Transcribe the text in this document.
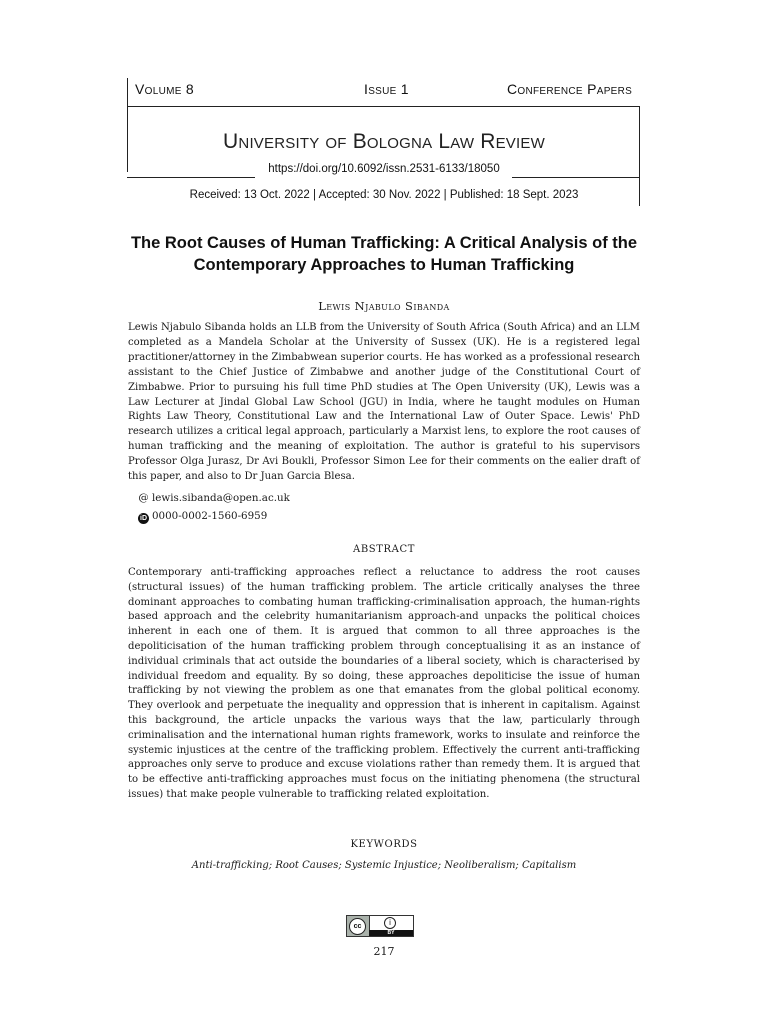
Volume 8	Issue 1	Conference Papers
University of Bologna Law Review
https://doi.org/10.6092/issn.2531-6133/18050
Received: 13 Oct. 2022 | Accepted: 30 Nov. 2022 | Published: 18 Sept. 2023
The Root Causes of Human Trafficking: A Critical Analysis of the Contemporary Approaches to Human Trafficking
Lewis Njabulo Sibanda
Lewis Njabulo Sibanda holds an LLB from the University of South Africa (South Africa) and an LLM completed as a Mandela Scholar at the University of Sussex (UK). He is a registered legal practitioner/attorney in the Zimbabwean superior courts. He has worked as a professional research assistant to the Chief Justice of Zimbabwe and another judge of the Constitutional Court of Zimbabwe. Prior to pursuing his full time PhD studies at The Open University (UK), Lewis was a Law Lecturer at Jindal Global Law School (JGU) in India, where he taught modules on Human Rights Law Theory, Constitutional Law and the International Law of Outer Space. Lewis' PhD research utilizes a critical legal approach, particularly a Marxist lens, to explore the root causes of human trafficking and the meaning of exploitation. The author is grateful to his supervisors Professor Olga Jurasz, Dr Avi Boukli, Professor Simon Lee for their comments on the ealier draft of this paper, and also to Dr Juan Garcia Blesa.
@ lewis.sibanda@open.ac.uk
iD 0000-0002-1560-6959
ABSTRACT
Contemporary anti-trafficking approaches reflect a reluctance to address the root causes (structural issues) of the human trafficking problem. The article critically analyses the three dominant approaches to combating human trafficking-criminalisation approach, the human-rights based approach and the celebrity humanitarianism approach-and unpacks the political choices inherent in each one of them. It is argued that common to all three approaches is the depoliticisation of the human trafficking problem through conceptualising it as an instance of individual criminals that act outside the boundaries of a liberal society, which is characterised by individual freedom and equality. By so doing, these approaches depoliticise the issue of human trafficking by not viewing the problem as one that emanates from the global political economy. They overlook and perpetuate the inequality and oppression that is inherent in capitalism. Against this background, the article unpacks the various ways that the law, particularly through criminalisation and the international human rights framework, works to insulate and reinforce the systemic injustices at the centre of the trafficking problem. Effectively the current anti-trafficking approaches only serve to produce and excuse violations rather than remedy them. It is argued that to be effective anti-trafficking approaches must focus on the initiating phenomena (the structural issues) that make people vulnerable to trafficking related exploitation.
KEYWORDS
Anti-trafficking; Root Causes; Systemic Injustice; Neoliberalism; Capitalism
cc	i
BY
217
